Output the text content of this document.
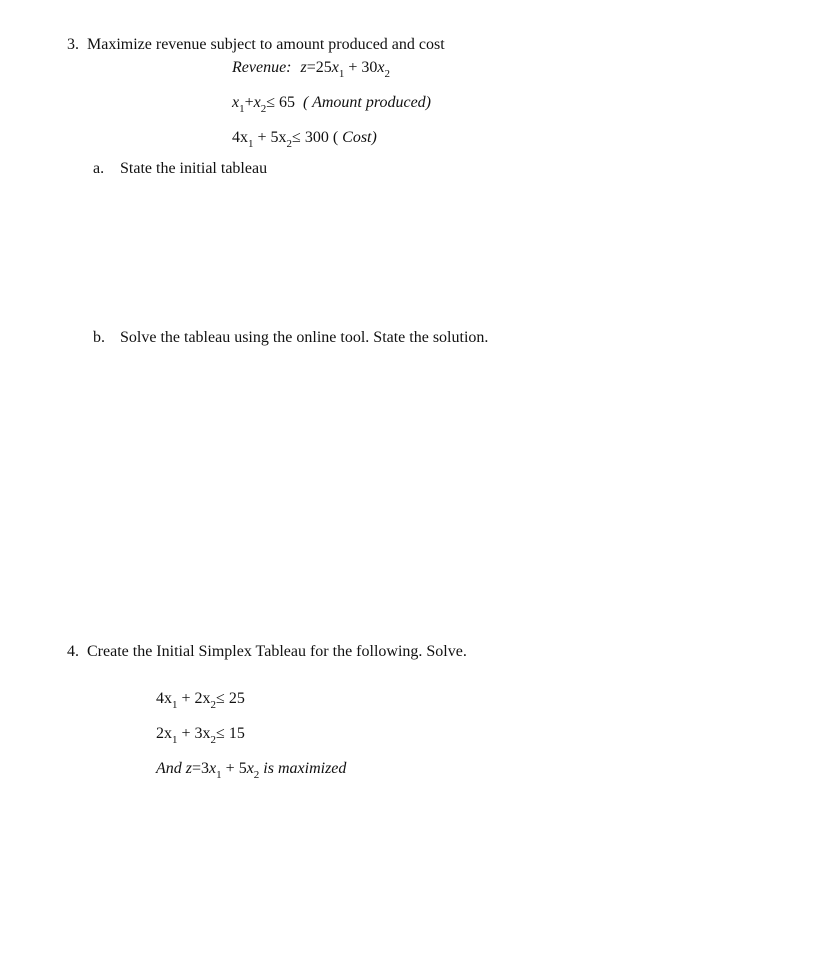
3. Maximize revenue subject to amount produced and cost
Revenue: $z=25x_1 + 30x_2$
$x_1+x_2\le 65$ ( Amount produced)
$4x_1 + 5x_2\le 300$ ( Cost)
a. State the initial tableau
b. Solve the tableau using the online tool. State the solution.
4. Create the Initial Simplex Tableau for the following. Solve.
$4x_1 + 2x_2\le 25$
$2x_1 + 3x_2\le 15$
And $z=3x_1 + 5x_2$ is maximized
